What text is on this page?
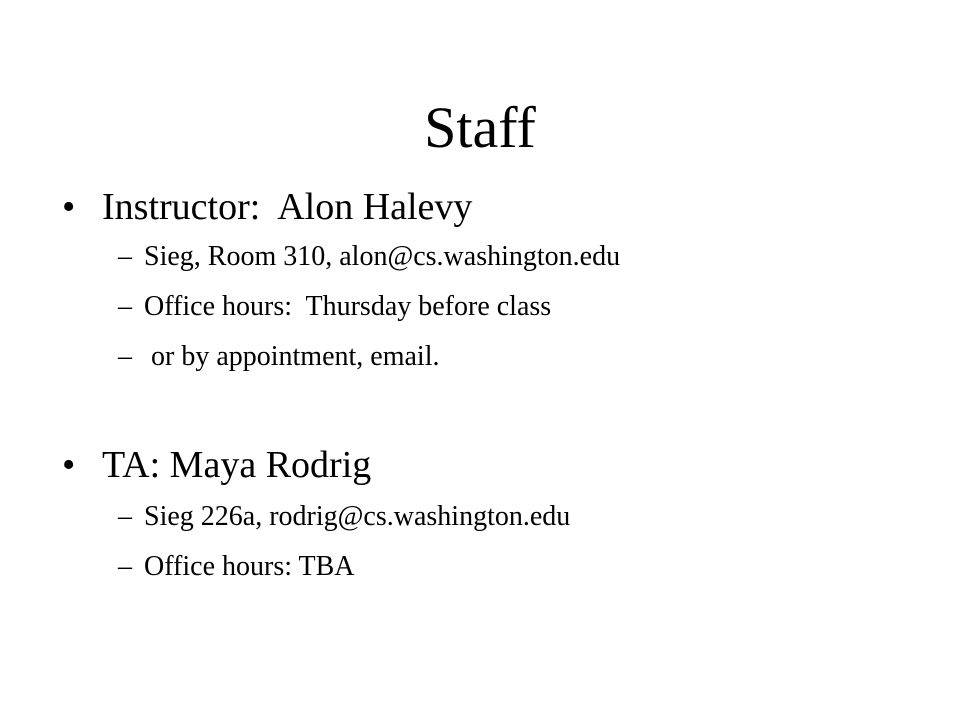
Staff
• Instructor:  Alon Halevy
– Sieg, Room 310, alon@cs.washington.edu
– Office hours:  Thursday before class
– or by appointment, email.
• TA: Maya Rodrig
– Sieg 226a, rodrig@cs.washington.edu
– Office hours: TBA
